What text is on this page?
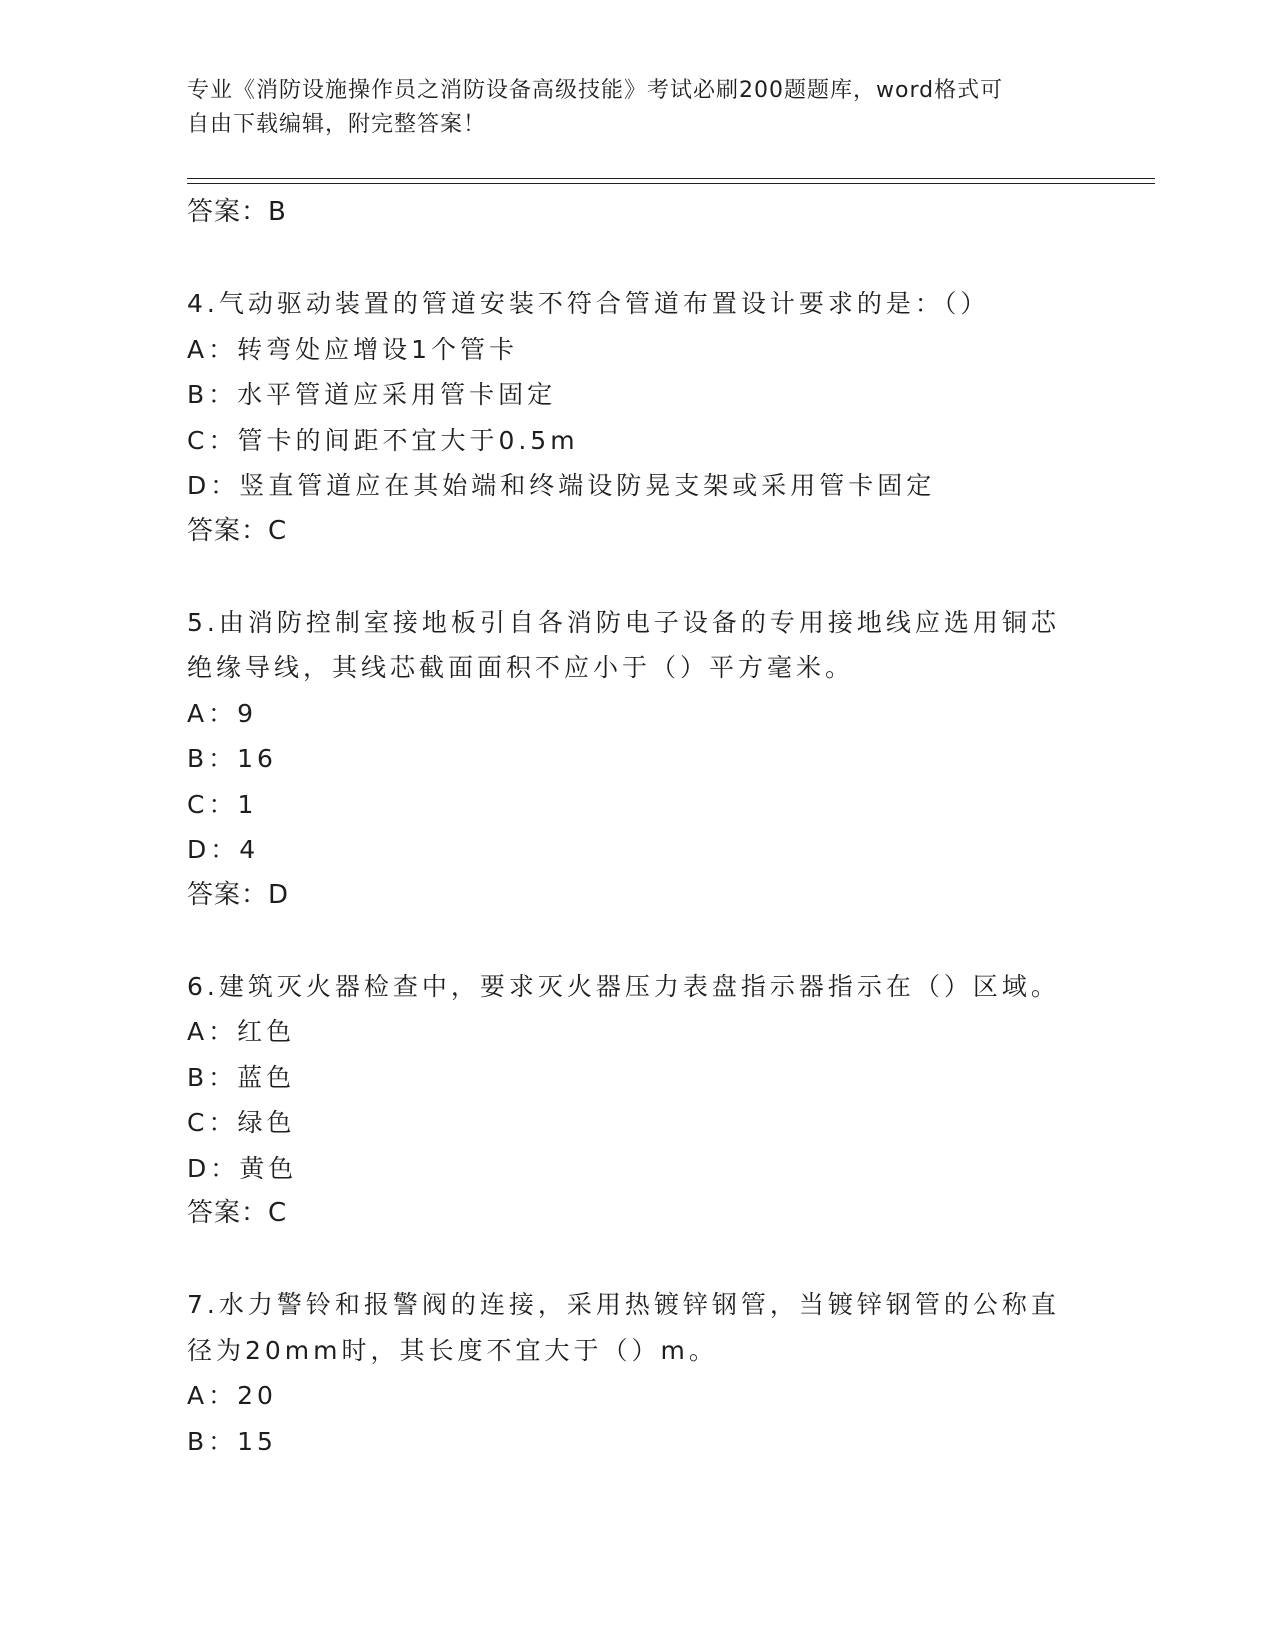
专业《消防设施操作员之消防设备高级技能》考试必刷200题题库，word格式可
自由下载编辑，附完整答案！
答案：B
4.气动驱动装置的管道安装不符合管道布置设计要求的是：（）
A：转弯处应增设1个管卡
B：水平管道应采用管卡固定
C：管卡的间距不宜大于0.5m
D：竖直管道应在其始端和终端设防晃支架或采用管卡固定
答案：C
5.由消防控制室接地板引自各消防电子设备的专用接地线应选用铜芯
绝缘导线，其线芯截面面积不应小于（）平方毫米。
A：9
B：16
C：1
D：4
答案：D
6.建筑灭火器检查中，要求灭火器压力表盘指示器指示在（）区域。
A：红色
B：蓝色
C：绿色
D：黄色
答案：C
7.水力警铃和报警阀的连接，采用热镀锌钢管，当镀锌钢管的公称直
径为20mm时，其长度不宜大于（）m。
A：20
B：15
